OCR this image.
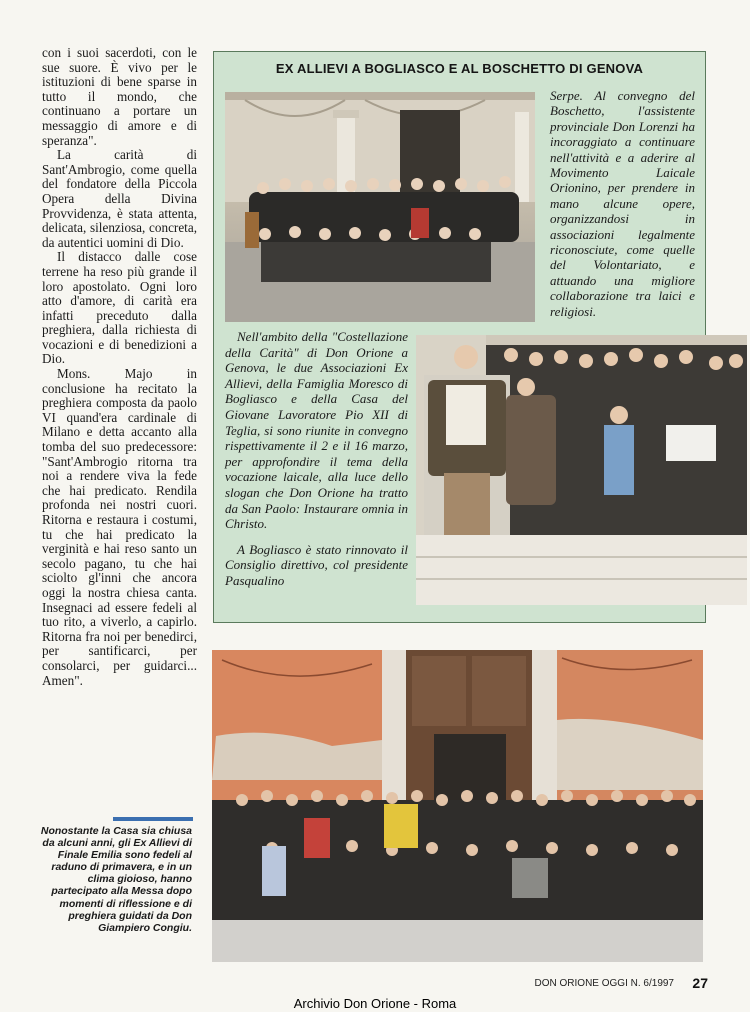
con i suoi sacerdoti, con le sue suore. È vivo per le istituzioni di bene sparse in tutto il mondo, che continuano a portare un messaggio di amore e di speranza".

La carità di Sant'Ambrogio, come quella del fondatore della Piccola Opera della Divina Provvidenza, è stata attenta, delicata, silenziosa, concreta, da autentici uomini di Dio.

Il distacco dalle cose terrene ha reso più grande il loro apostolato. Ogni loro atto d'amore, di carità era infatti preceduto dalla preghiera, dalla richiesta di vocazioni e di benedizioni a Dio.

Mons. Majo in conclusione ha recitato la preghiera composta da paolo VI quand'era cardinale di Milano e detta accanto alla tomba del suo predecessore: "Sant'Ambrogio ritorna tra noi a rendere viva la fede che hai predicato. Rendila profonda nei nostri cuori. Ritorna e restaura i costumi, tu che hai predicato la verginità e hai reso santo un secolo pagano, tu che hai sciolto gl'inni che ancora oggi la nostra chiesa canta. Insegnaci ad essere fedeli al tuo rito, a viverlo, a capirlo. Ritorna fra noi per benedirci, per santificarci, per consolarci, per guidarci... Amen".

EX ALLIEVI A BOGLIASCO E AL BOSCHETTO DI GENOVA
Serpe. Al convegno del Boschetto, l'assistente provinciale Don Lorenzi ha incoraggiato a continuare nell'attività e a aderire al Movimento Laicale Orionino, per prendere in mano alcune opere, organizzandosi in associazioni legalmente riconosciute, come quelle del Volontariato, e attuando una migliore collaborazione tra laici e religiosi.

Nell'ambito della "Costellazione della Carità" di Don Orione a Genova, le due Associazioni Ex Allievi, della Famiglia Moresco di Bogliasco e della Casa del Giovane Lavoratore Pio XII di Teglia, si sono riunite in convegno rispettivamente il 2 e il 16 marzo, per approfondire il tema della vocazione laicale, alla luce dello slogan che Don Orione ha tratto da San Paolo: Instaurare omnia in Christo.

A Bogliasco è stato rinnovato il Consiglio direttivo, col presidente Pasqualino

Nonostante la Casa sia chiusa da alcuni anni, gli Ex Allievi di Finale Emilia sono fedeli al raduno di primavera, e in un clima gioioso, hanno partecipato alla Messa dopo momenti di riflessione e di preghiera guidati da Don Giampiero Congiu.
DON ORIONE OGGI N. 6/1997	27
Archivio Don Orione - Roma
